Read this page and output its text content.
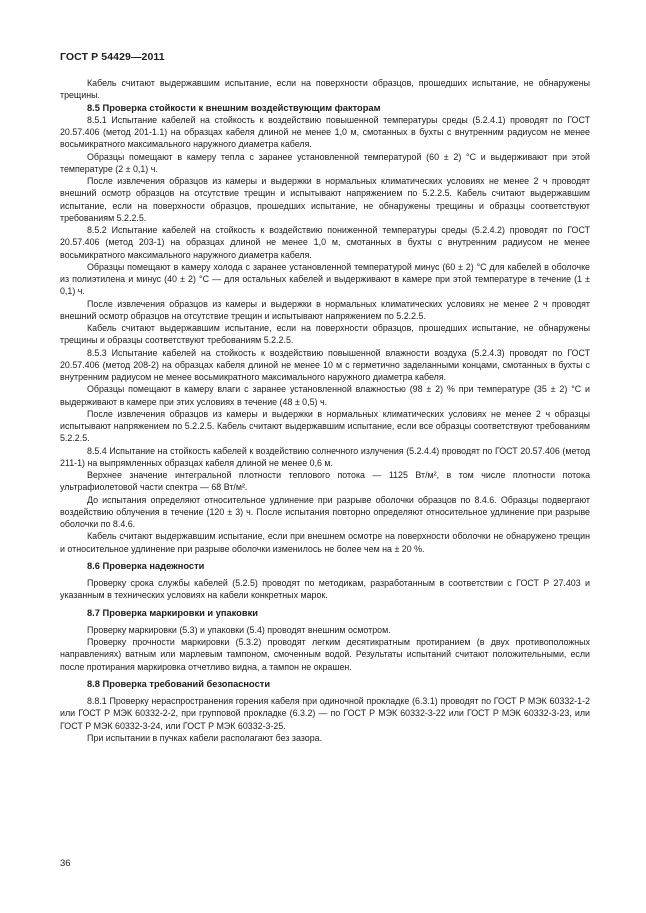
ГОСТ Р 54429—2011

Кабель считают выдержавшим испытание, если на поверхности образцов, прошедших испытание, не обнаружены трещины.

8.5 Проверка стойкости к внешним воздействующим факторам

8.5.1 Испытание кабелей на стойкость к воздействию повышенной температуры среды (5.2.4.1) проводят по ГОСТ 20.57.406 (метод 201-1.1) на образцах кабеля длиной не менее 1,0 м, смотанных в бухты с внутренним радиусом не менее восьмикратного максимального наружного диаметра кабеля.

Образцы помещают в камеру тепла с заранее установленной температурой (60 ± 2) °С и выдерживают при этой температуре (2 ± 0,1) ч.

После извлечения образцов из камеры и выдержки в нормальных климатических условиях не менее 2 ч проводят внешний осмотр образцов на отсутствие трещин и испытывают напряжением по 5.2.2.5. Кабель считают выдержавшим испытание, если на поверхности образцов, прошедших испытание, не обнаружены трещины и образцы соответствуют требованиям 5.2.2.5.

8.5.2 Испытание кабелей на стойкость к воздействию пониженной температуры среды (5.2.4.2) проводят по ГОСТ 20.57.406 (метод 203-1) на образцах длиной не менее 1,0 м, смотанных в бухты с внутренним радиусом не менее восьмикратного максимального наружного диаметра кабеля.

Образцы помещают в камеру холода с заранее установленной температурой минус (60 ± 2) °С для кабелей в оболочке из полиэтилена и минус (40 ± 2) °С — для остальных кабелей и выдерживают в камере при этой температуре в течение (1 ± 0,1) ч.

После извлечения образцов из камеры и выдержки в нормальных климатических условиях не менее 2 ч проводят внешний осмотр образцов на отсутствие трещин и испытывают напряжением по 5.2.2.5.

Кабель считают выдержавшим испытание, если на поверхности образцов, прошедших испытание, не обнаружены трещины и образцы соответствуют требованиям 5.2.2.5.

8.5.3 Испытание кабелей на стойкость к воздействию повышенной влажности воздуха (5.2.4.3) проводят по ГОСТ 20.57.406 (метод 208-2) на образцах кабеля длиной не менее 10 м с герметично заделанными концами, смотанных в бухты с внутренним радиусом не менее восьмикратного максимального наружного диаметра кабеля.

Образцы помещают в камеру влаги с заранее установленной влажностью (98 ± 2) % при температуре (35 ± 2) °С и выдерживают в камере при этих условиях в течение (48 ± 0,5) ч.

После извлечения образцов из камеры и выдержки в нормальных климатических условиях не менее 2 ч образцы испытывают напряжением по 5.2.2.5. Кабель считают выдержавшим испытание, если все образцы соответствуют требованиям 5.2.2.5.

8.5.4 Испытание на стойкость кабелей к воздействию солнечного излучения (5.2.4.4) проводят по ГОСТ 20.57.406 (метод 211-1) на выпрямленных образцах кабеля длиной не менее 0,6 м.

Верхнее значение интегральной плотности теплового потока — 1125 Вт/м², в том числе плотности потока ультрафиолетовой части спектра — 68 Вт/м².

До испытания определяют относительное удлинение при разрыве оболочки образцов по 8.4.6. Образцы подвергают воздействию облучения в течение (120 ± 3) ч. После испытания повторно определяют относительное удлинение при разрыве оболочки по 8.4.6.

Кабель считают выдержавшим испытание, если при внешнем осмотре на поверхности оболочки не обнаружено трещин и относительное удлинение при разрыве оболочки изменилось не более чем на ± 20 %.

8.6 Проверка надежности

Проверку срока службы кабелей (5.2.5) проводят по методикам, разработанным в соответствии с ГОСТ Р 27.403 и указанным в технических условиях на кабели конкретных марок.

8.7 Проверка маркировки и упаковки

Проверку маркировки (5.3) и упаковки (5.4) проводят внешним осмотром.

Проверку прочности маркировки (5.3.2) проводят легким десятикратным протиранием (в двух противоположных направлениях) ватным или марлевым тампоном, смоченным водой. Результаты испытаний считают положительными, если после протирания маркировка отчетливо видна, а тампон не окрашен.

8.8 Проверка требований безопасности

8.8.1 Проверку нераспространения горения кабеля при одиночной прокладке (6.3.1) проводят по ГОСТ Р МЭК 60332-1-2 или ГОСТ Р МЭК 60332-2-2, при групповой прокладке (6.3.2) — по ГОСТ Р МЭК 60332-3-22 или ГОСТ Р МЭК 60332-3-23, или ГОСТ Р МЭК 60332-3-24, или ГОСТ Р МЭК 60332-3-25.

При испытании в пучках кабели располагают без зазора.

36
